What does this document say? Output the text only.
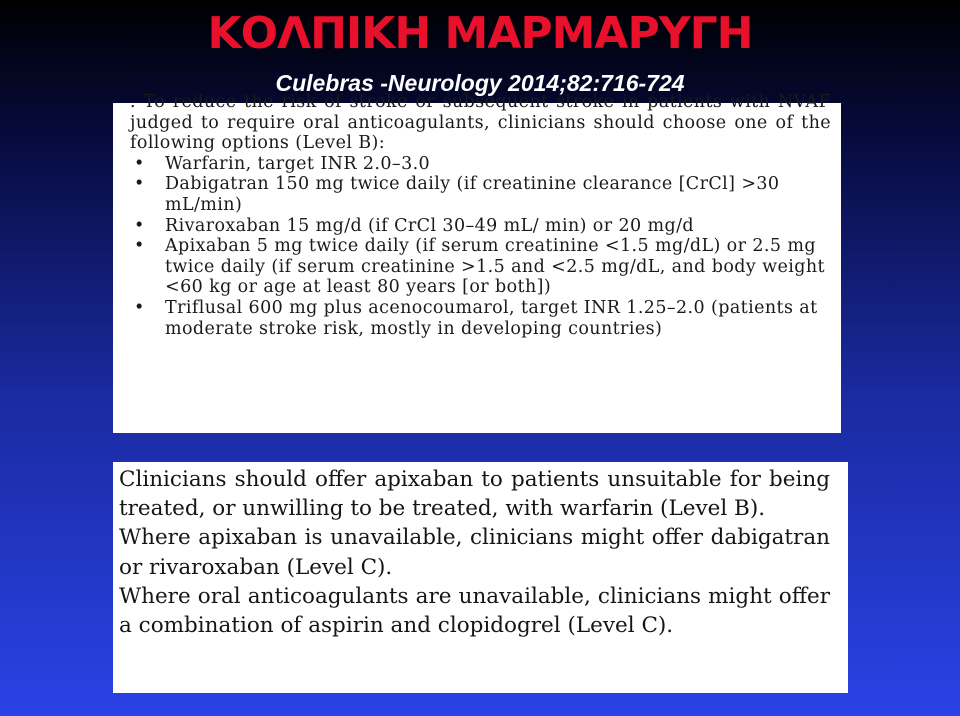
ΚΟΛΠΙΚΗ ΜΑΡΜΑΡΥΓΗ
Culebras -Neurology 2014;82:716-724

. To reduce the risk of stroke or subsequent stroke in patients with NVAF judged to require oral anticoagulants, clinicians should choose one of the following options (Level B):

• Warfarin, target INR 2.0–3.0
• Dabigatran 150 mg twice daily (if creatinine clearance [CrCl] >30 mL/min)
• Rivaroxaban 15 mg/d (if CrCl 30–49 mL/ min) or 20 mg/d
• Apixaban 5 mg twice daily (if serum creatinine <1.5 mg/dL) or 2.5 mg twice daily (if serum creatinine >1.5 and <2.5 mg/dL, and body weight <60 kg or age at least 80 years [or both])
• Triflusal 600 mg plus acenocoumarol, target INR 1.25–2.0 (patients at moderate stroke risk, mostly in developing countries)

Clinicians should offer apixaban to patients unsuitable for being treated, or unwilling to be treated, with warfarin (Level B).

Where apixaban is unavailable, clinicians might offer dabigatran or rivaroxaban (Level C).

Where oral anticoagulants are unavailable, clinicians might offer a combination of aspirin and clopidogrel (Level C).
